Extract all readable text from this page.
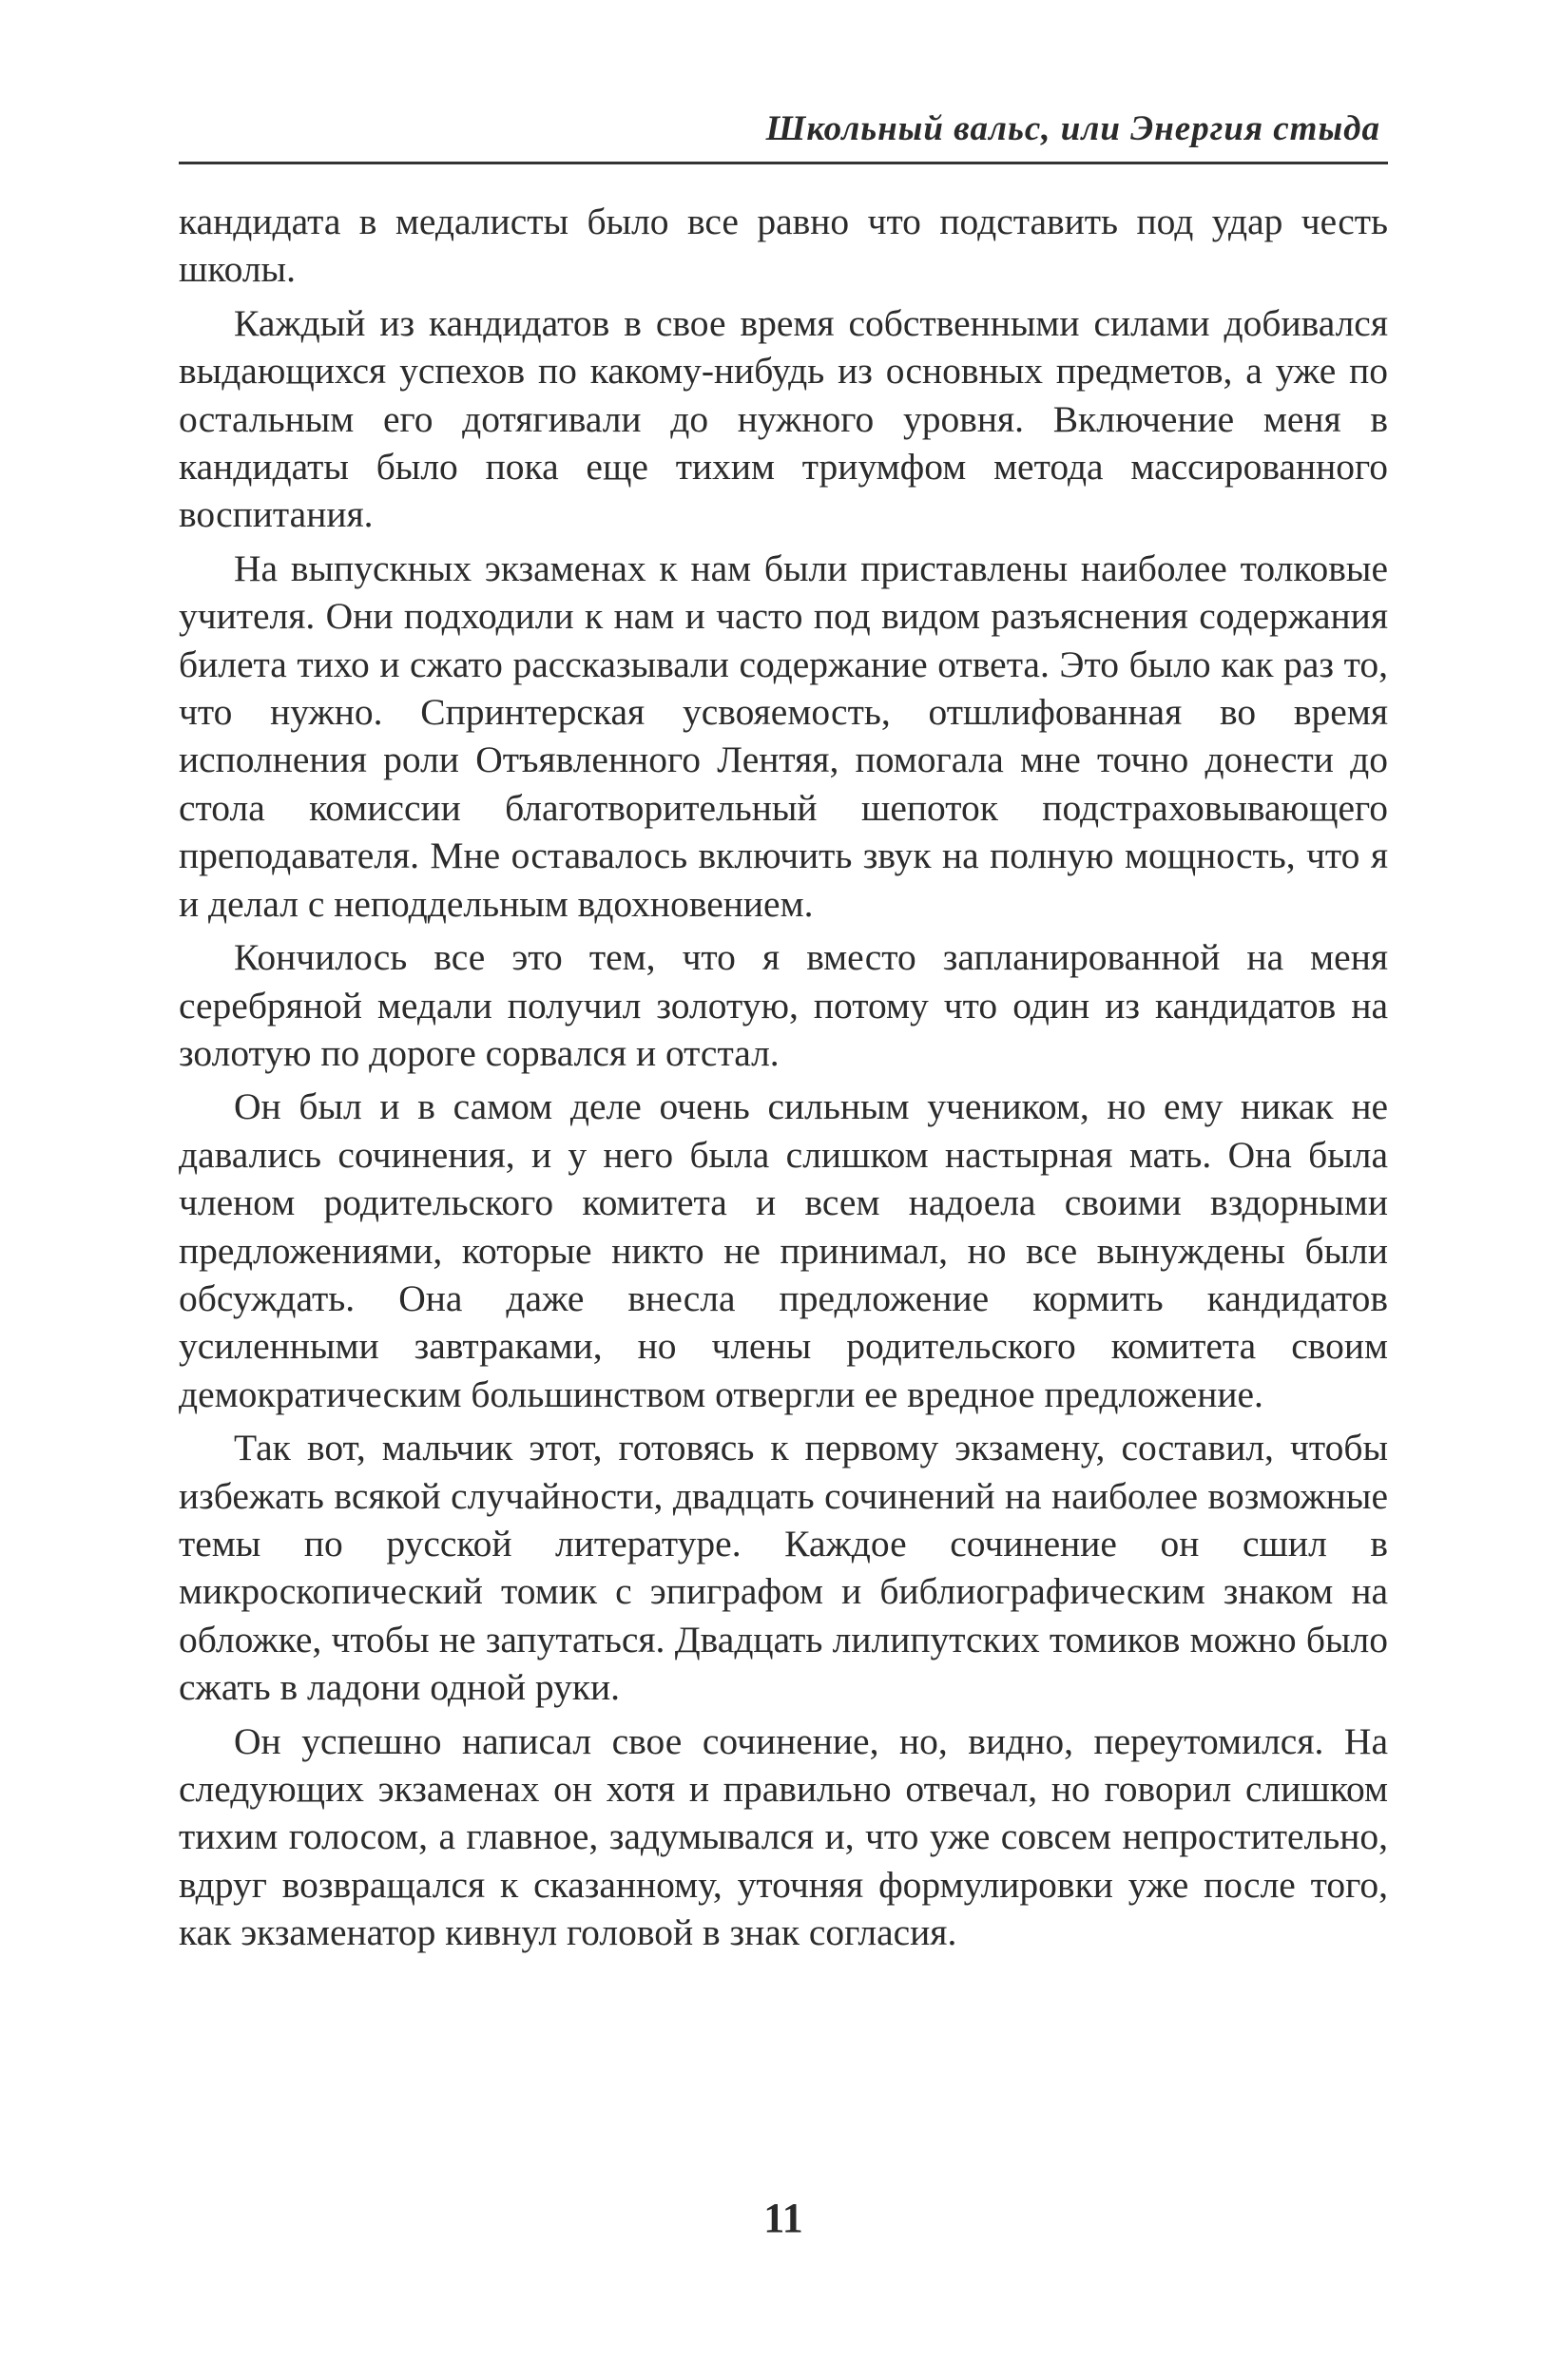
Школьный вальс, или Энергия стыда

кандидата в медалисты было все равно что подставить под удар честь школы.

Каждый из кандидатов в свое время собственными силами добивался выдающихся успехов по какому-нибудь из основных предметов, а уже по остальным его дотягивали до нужного уровня. Включение меня в кандидаты было пока еще тихим триумфом метода массированного воспитания.

На выпускных экзаменах к нам были приставлены наиболее толковые учителя. Они подходили к нам и часто под видом разъяснения содержания билета тихо и сжато рассказывали содержание ответа. Это было как раз то, что нужно. Спринтерская усвояемость, отшлифованная во время исполнения роли Отъявленного Лентяя, помогала мне точно донести до стола комиссии благотворительный шепоток подстраховывающего преподавателя. Мне оставалось включить звук на полную мощность, что я и делал с неподдельным вдохновением.

Кончилось все это тем, что я вместо запланированной на меня серебряной медали получил золотую, потому что один из кандидатов на золотую по дороге сорвался и отстал.

Он был и в самом деле очень сильным учеником, но ему никак не давались сочинения, и у него была слишком настырная мать. Она была членом родительского комитета и всем надоела своими вздорными предложениями, которые никто не принимал, но все вынуждены были обсуждать. Она даже внесла предложение кормить кандидатов усиленными завтраками, но члены родительского комитета своим демократическим большинством отвергли ее вредное предложение.

Так вот, мальчик этот, готовясь к первому экзамену, составил, чтобы избежать всякой случайности, двадцать сочинений на наиболее возможные темы по русской литературе. Каждое сочинение он сшил в микроскопический томик с эпиграфом и библиографическим знаком на обложке, чтобы не запутаться. Двадцать лилипутских томиков можно было сжать в ладони одной руки.

Он успешно написал свое сочинение, но, видно, переутомился. На следующих экзаменах он хотя и правильно отвечал, но говорил слишком тихим голосом, а главное, задумывался и, что уже совсем непростительно, вдруг возвращался к сказанному, уточняя формулировки уже после того, как экзаменатор кивнул головой в знак согласия.

11
